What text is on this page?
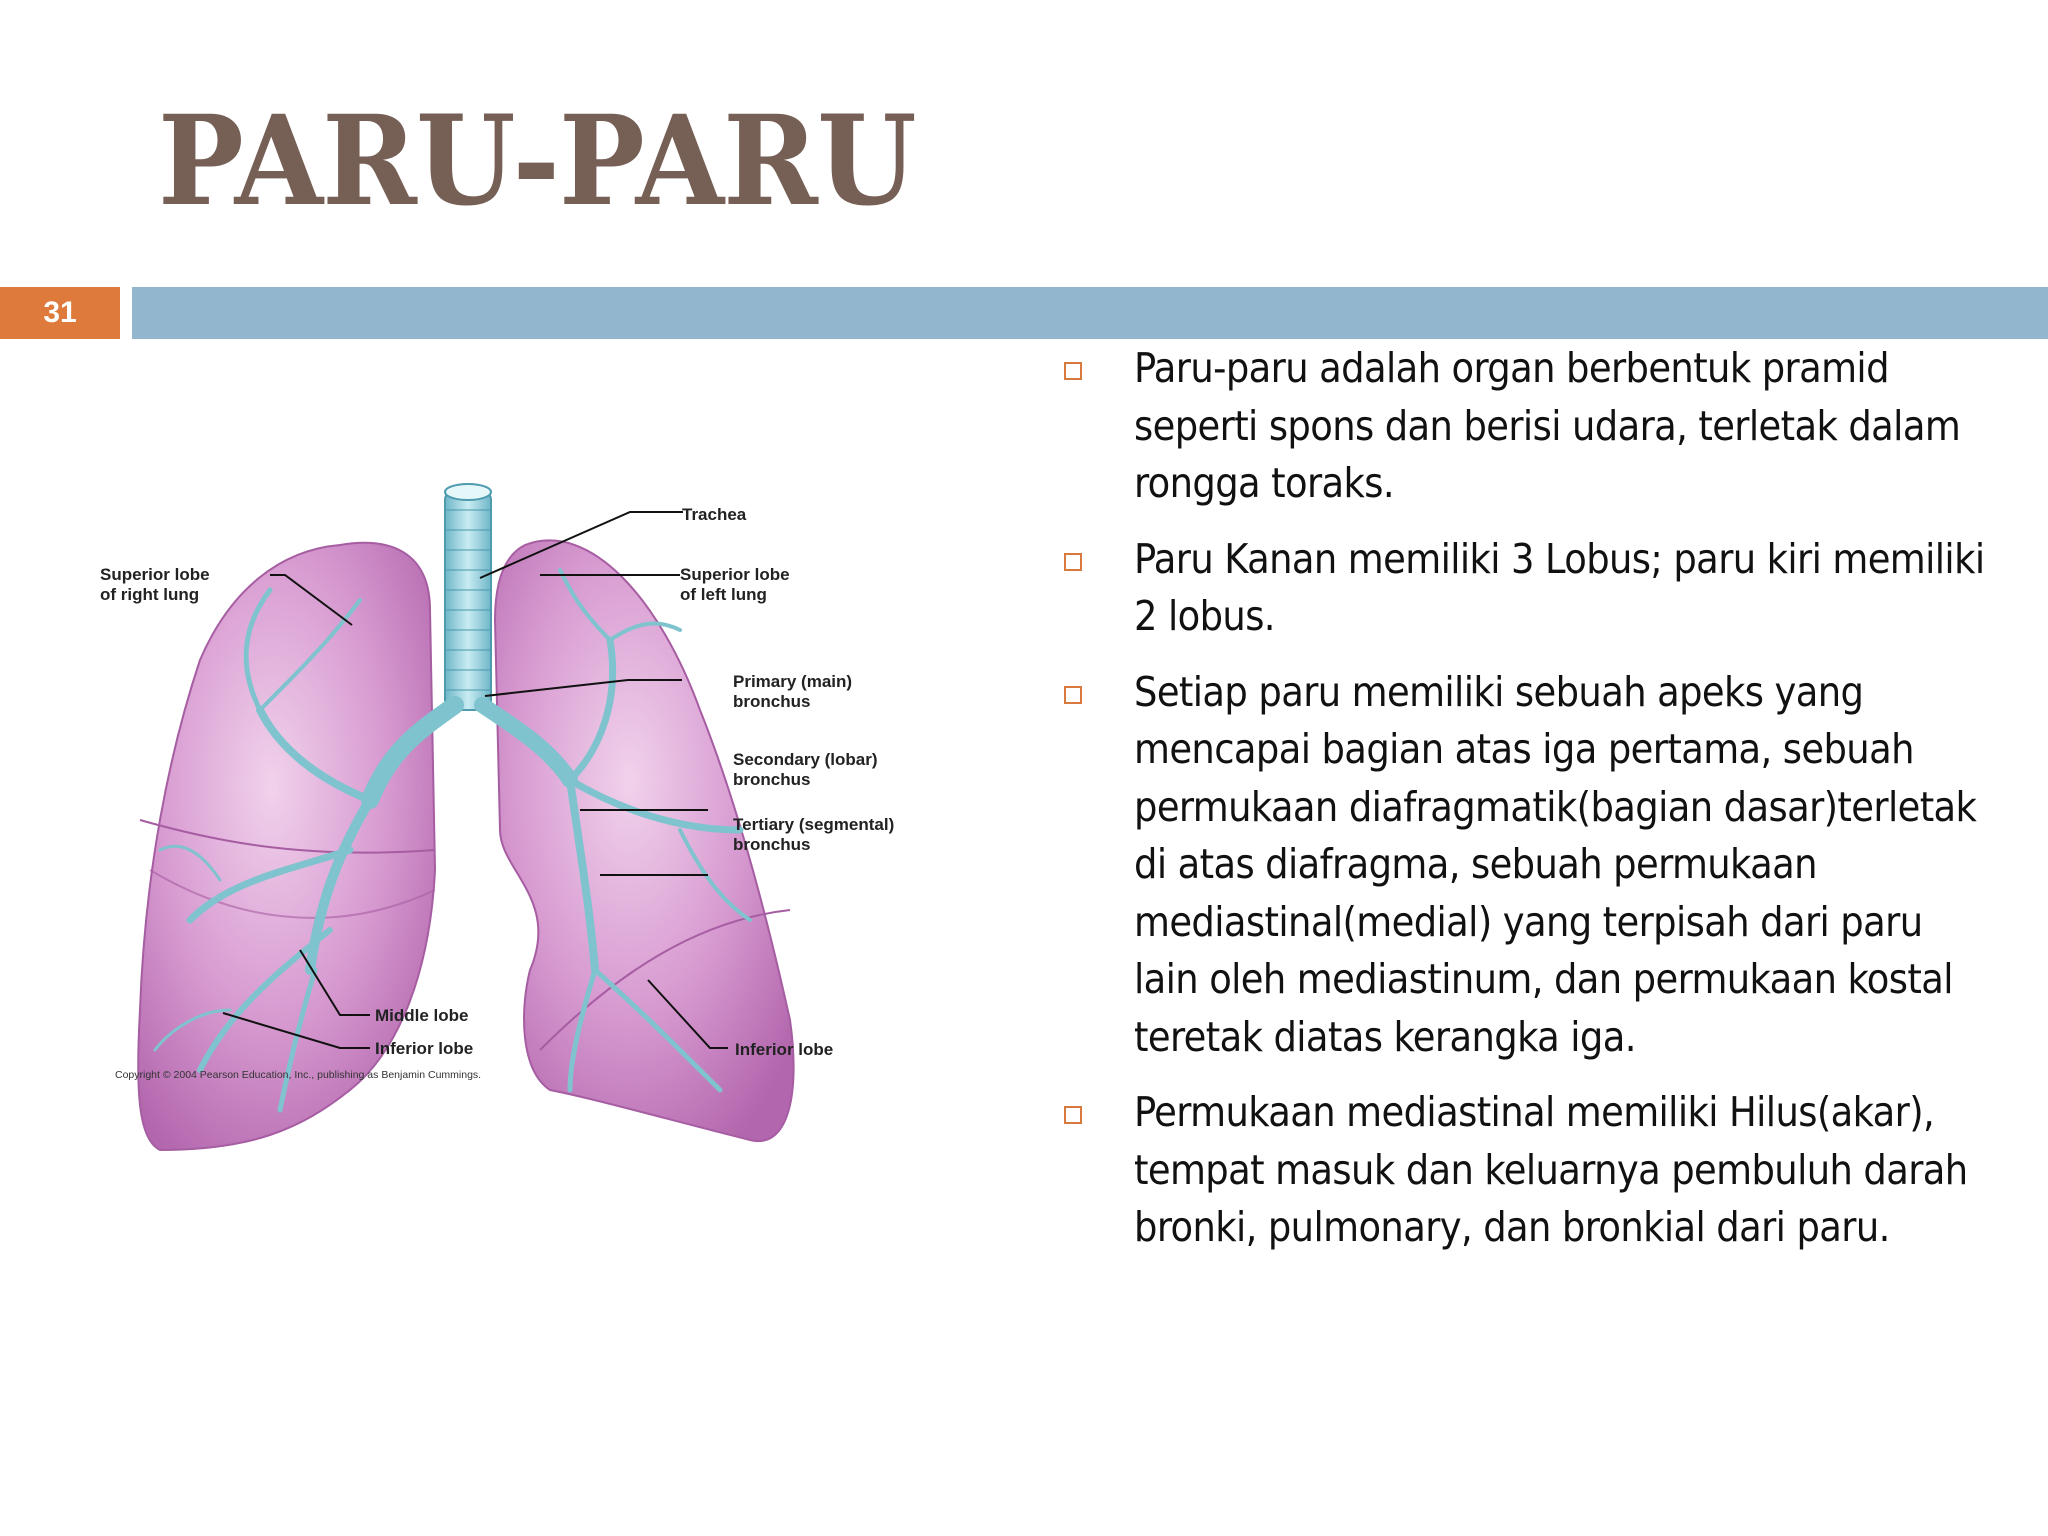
PARU-PARU
31
Trachea
Superior lobe
of right lung
Superior lobe
of left lung
Primary (main)
bronchus
Secondary (lobar)
bronchus
Tertiary (segmental)
bronchus
Middle lobe
Inferior lobe	Inferior lobe
Copyright © 2004 Pearson Education, Inc., publishing as Benjamin Cummings.
Paru-paru adalah organ berbentuk pramid seperti spons dan berisi udara, terletak dalam rongga toraks.
Paru Kanan memiliki 3 Lobus; paru kiri memiliki 2 lobus.
Setiap paru memiliki sebuah apeks yang mencapai bagian atas iga pertama, sebuah permukaan diafragmatik(bagian dasar)terletak di atas diafragma, sebuah permukaan mediastinal(medial) yang terpisah dari paru lain oleh mediastinum, dan permukaan kostal teretak diatas kerangka iga.
Permukaan mediastinal memiliki Hilus(akar), tempat masuk dan keluarnya pembuluh darah bronki, pulmonary, dan bronkial dari paru.
